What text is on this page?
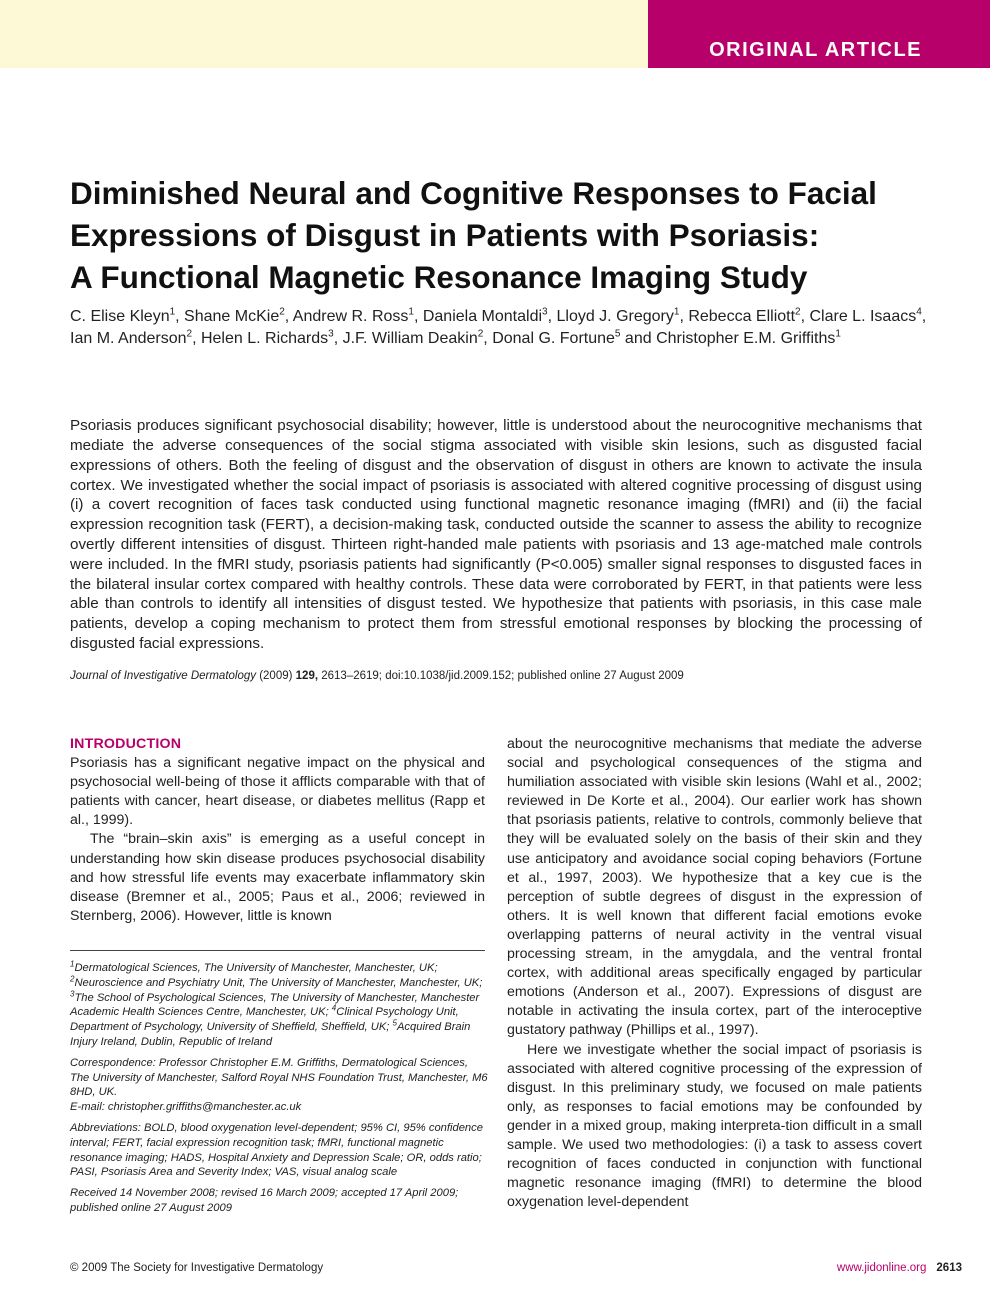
ORIGINAL ARTICLE
Diminished Neural and Cognitive Responses to Facial
Expressions of Disgust in Patients with Psoriasis:
A Functional Magnetic Resonance Imaging Study
C. Elise Kleyn$^1$, Shane McKie$^2$, Andrew R. Ross$^1$, Daniela Montaldi$^3$, Lloyd J. Gregory$^1$, Rebecca Elliott$^2$, Clare L. Isaacs$^4$, Ian M. Anderson$^2$, Helen L. Richards$^3$, J.F. William Deakin$^2$, Donal G. Fortune$^5$ and Christopher E.M. Griffiths$^1$

Psoriasis produces significant psychosocial disability; however, little is understood about the neurocognitive mechanisms that mediate the adverse consequences of the social stigma associated with visible skin lesions, such as disgusted facial expressions of others. Both the feeling of disgust and the observation of disgust in others are known to activate the insula cortex. We investigated whether the social impact of psoriasis is associated with altered cognitive processing of disgust using (i) a covert recognition of faces task conducted using functional magnetic resonance imaging (fMRI) and (ii) the facial expression recognition task (FERT), a decision-making task, conducted outside the scanner to assess the ability to recognize overtly different intensities of disgust. Thirteen right-handed male patients with psoriasis and 13 age-matched male controls were included. In the fMRI study, psoriasis patients had significantly (P<0.005) smaller signal responses to disgusted faces in the bilateral insular cortex compared with healthy controls. These data were corroborated by FERT, in that patients were less able than controls to identify all intensities of disgust tested. We hypothesize that patients with psoriasis, in this case male patients, develop a coping mechanism to protect them from stressful emotional responses by blocking the processing of disgusted facial expressions.

Journal of Investigative Dermatology (2009) 129, 2613–2619; doi:10.1038/jid.2009.152; published online 27 August 2009
INTRODUCTION

Psoriasis has a significant negative impact on the physical and psychosocial well-being of those it afflicts comparable with that of patients with cancer, heart disease, or diabetes mellitus (Rapp et al., 1999).

The “brain–skin axis” is emerging as a useful concept in understanding how skin disease produces psychosocial disability and how stressful life events may exacerbate inflammatory skin disease (Bremner et al., 2005; Paus et al., 2006; reviewed in Sternberg, 2006). However, little is known

$^1$Dermatological Sciences, The University of Manchester, Manchester, UK; $^2$Neuroscience and Psychiatry Unit, The University of Manchester, Manchester, UK; $^3$The School of Psychological Sciences, The University of Manchester, Manchester Academic Health Sciences Centre, Manchester, UK; $^4$Clinical Psychology Unit, Department of Psychology, University of Sheffield, Sheffield, UK; $^5$Acquired Brain Injury Ireland, Dublin, Republic of Ireland

Correspondence: Professor Christopher E.M. Griffiths, Dermatological Sciences, The University of Manchester, Salford Royal NHS Foundation Trust, Manchester, M6 8HD, UK.
E-mail: christopher.griffiths@manchester.ac.uk

Abbreviations: BOLD, blood oxygenation level-dependent; 95% CI, 95% confidence interval; FERT, facial expression recognition task; fMRI, functional magnetic resonance imaging; HADS, Hospital Anxiety and Depression Scale; OR, odds ratio; PASI, Psoriasis Area and Severity Index; VAS, visual analog scale

Received 14 November 2008; revised 16 March 2009; accepted 17 April 2009; published online 27 August 2009

about the neurocognitive mechanisms that mediate the adverse social and psychological consequences of the stigma and humiliation associated with visible skin lesions (Wahl et al., 2002; reviewed in De Korte et al., 2004). Our earlier work has shown that psoriasis patients, relative to controls, commonly believe that they will be evaluated solely on the basis of their skin and they use anticipatory and avoidance social coping behaviors (Fortune et al., 1997, 2003). We hypothesize that a key cue is the perception of subtle degrees of disgust in the expression of others. It is well known that different facial emotions evoke overlapping patterns of neural activity in the ventral visual processing stream, in the amygdala, and the ventral frontal cortex, with additional areas specifically engaged by particular emotions (Anderson et al., 2007). Expressions of disgust are notable in activating the insula cortex, part of the interoceptive gustatory pathway (Phillips et al., 1997).

Here we investigate whether the social impact of psoriasis is associated with altered cognitive processing of the expression of disgust. In this preliminary study, we focused on male patients only, as responses to facial emotions may be confounded by gender in a mixed group, making interpreta-tion difficult in a small sample. We used two methodologies: (i) a task to assess covert recognition of faces conducted in conjunction with functional magnetic resonance imaging (fMRI) to determine the blood oxygenation level-dependent

© 2009 The Society for Investigative Dermatology	www.jidonline.org 2613
